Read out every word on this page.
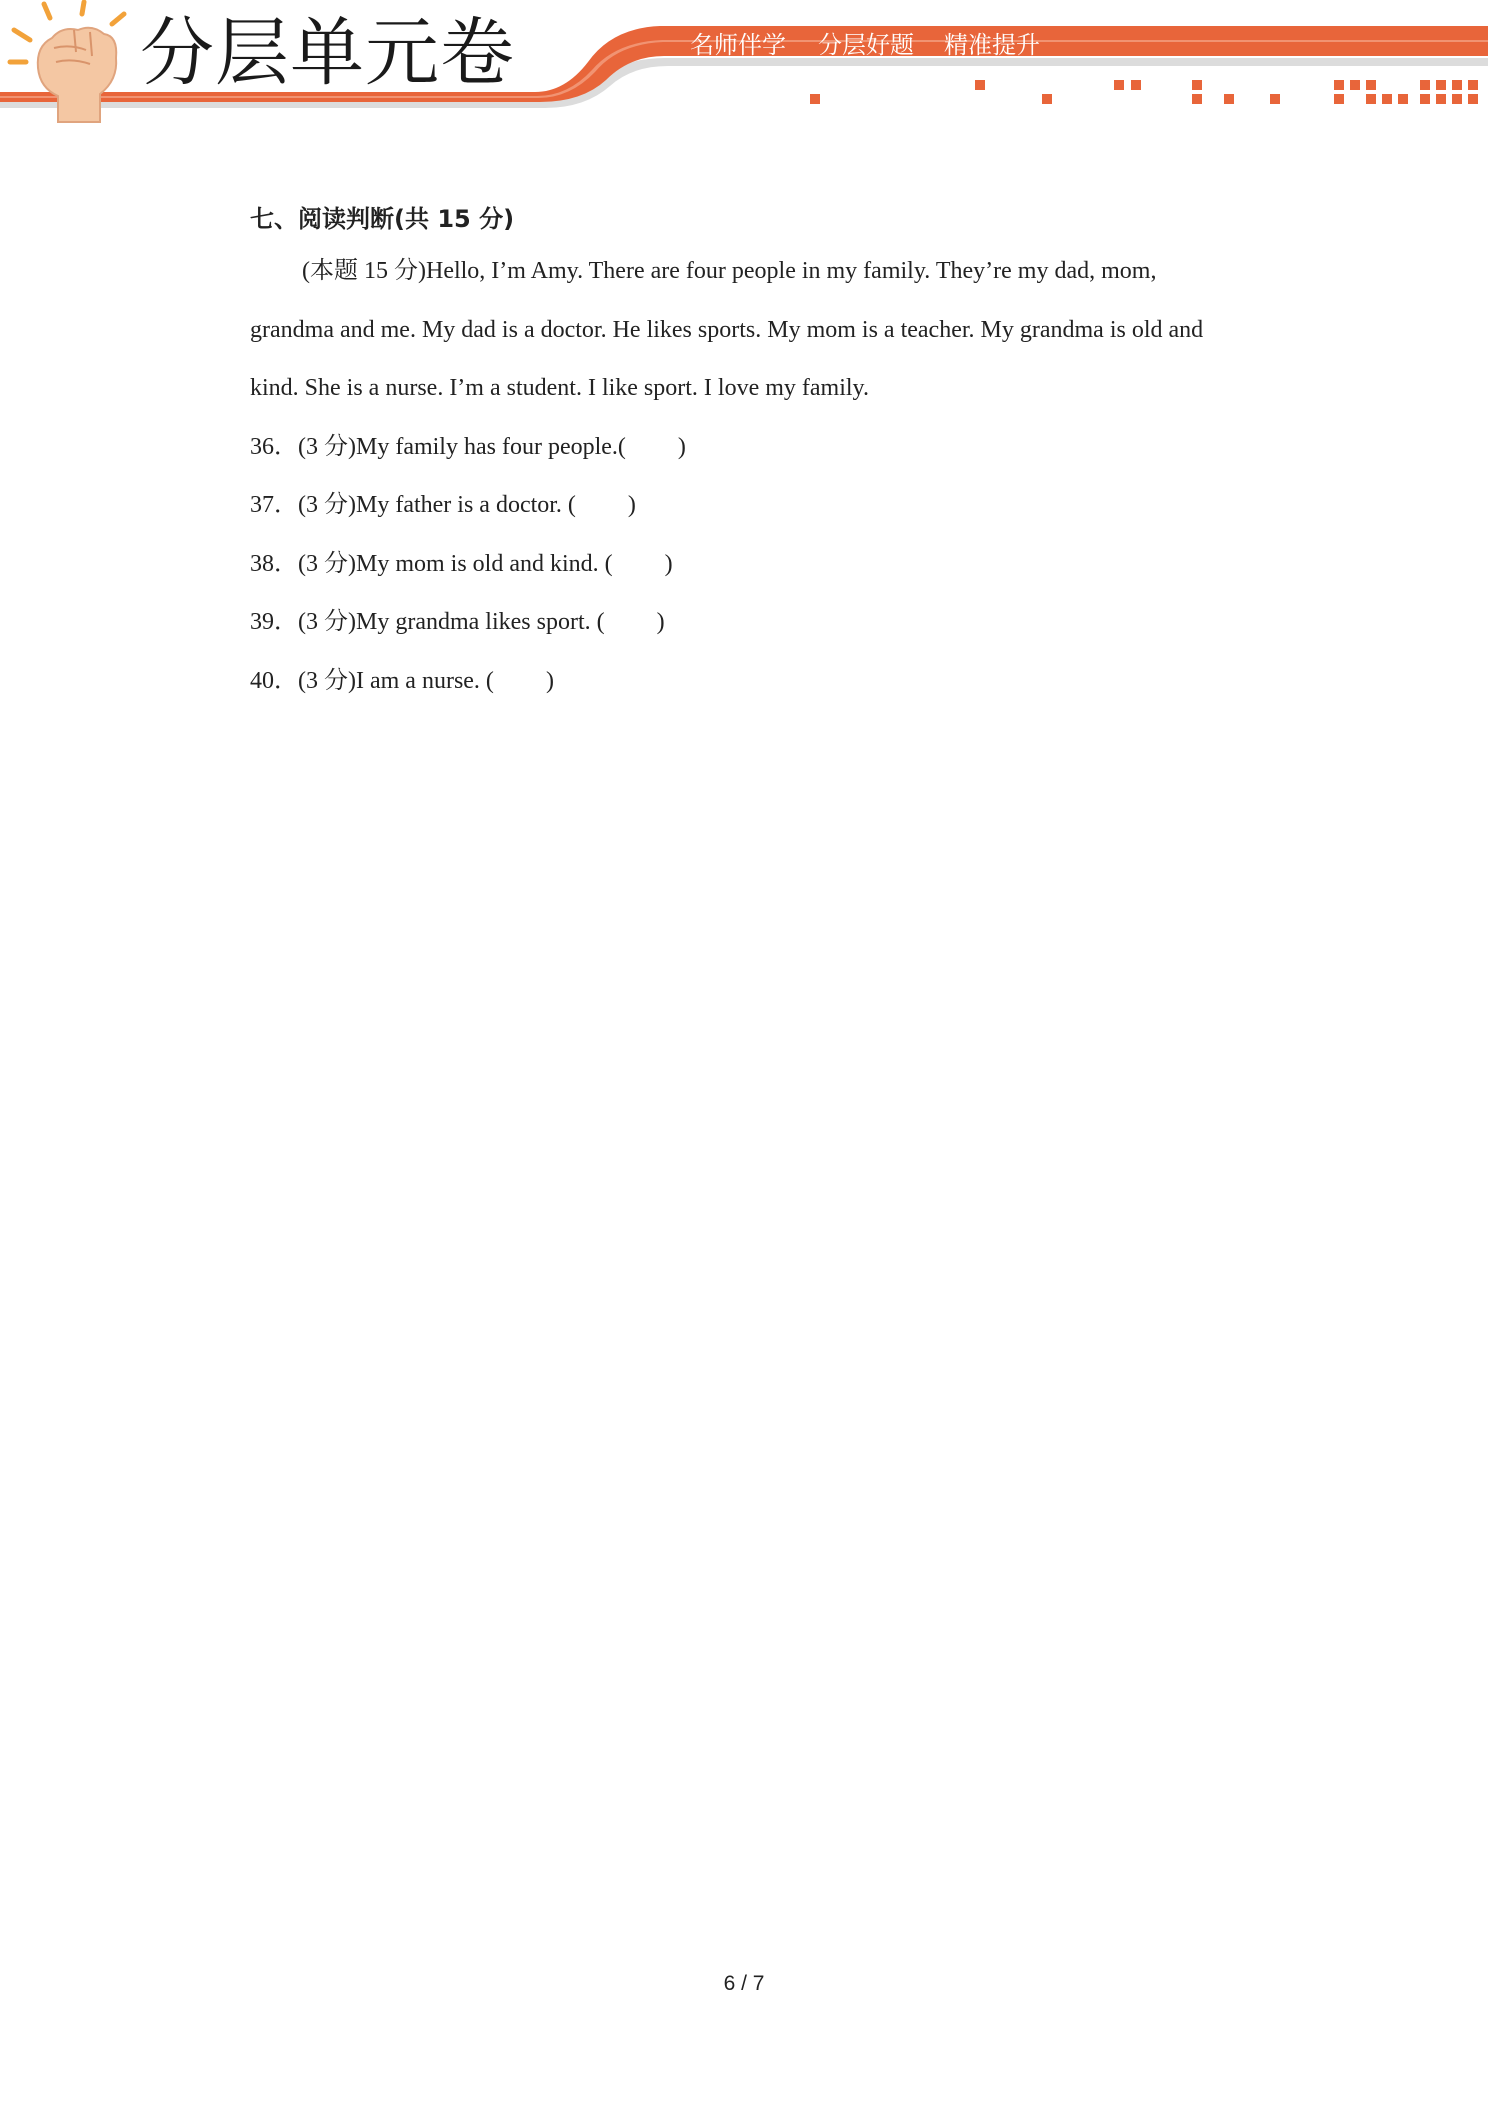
分层单元卷	名师伴学 分层好题 精准提升
七、阅读判断(共 15 分)

(本题 15 分)Hello, I’m Amy. There are four people in my family. They’re my dad, mom, grandma and me. My dad is a doctor. He likes sports. My mom is a teacher. My grandma is old and kind. She is a nurse. I’m a student. I like sport. I love my family.

36．(3 分)My family has four people.( )
37．(3 分)My father is a doctor. ( )
38．(3 分)My mom is old and kind. ( )
39．(3 分)My grandma likes sport. ( )
40．(3 分)I am a nurse. ( )
6 / 7
